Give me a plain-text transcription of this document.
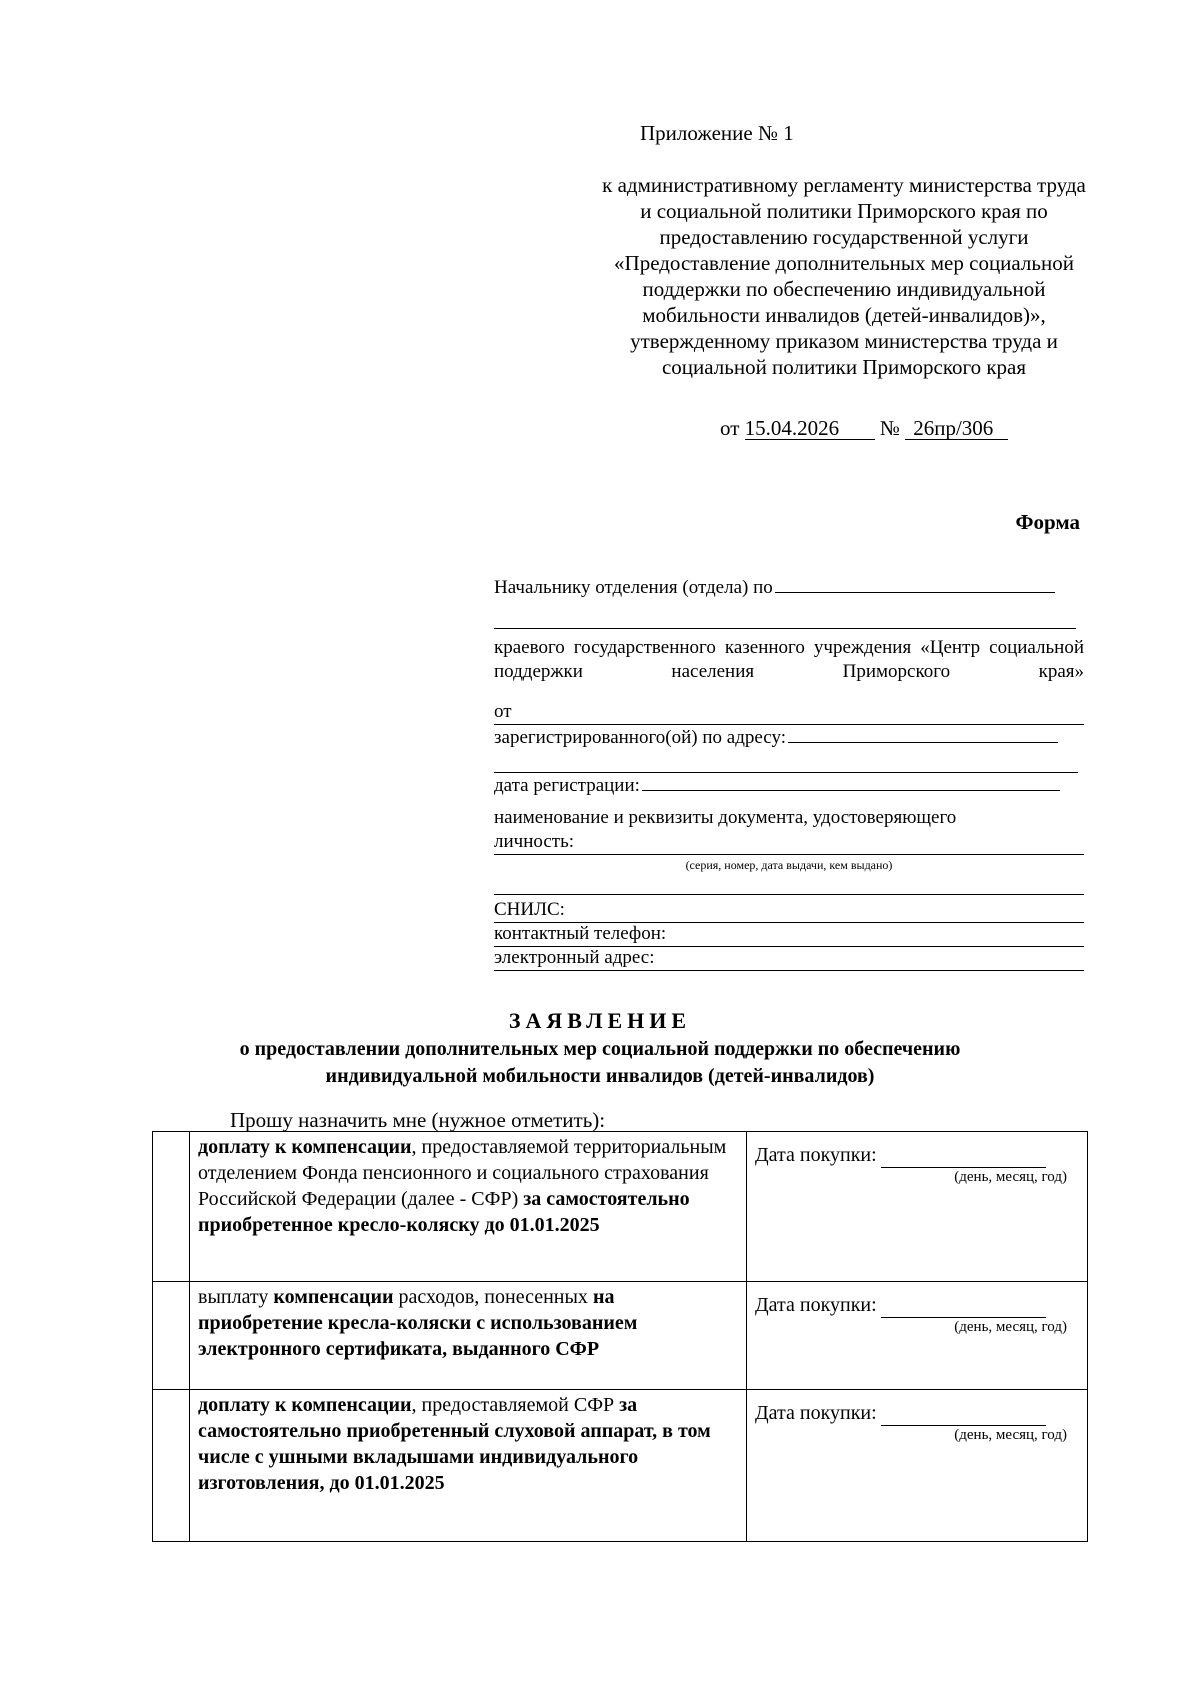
Приложение № 1
к административному регламенту министерства труда и социальной политики Приморского края по предоставлению государственной услуги «Предоставление дополнительных мер социальной поддержки по обеспечению индивидуальной мобильности инвалидов (детей-инвалидов)», утвержденному приказом министерства труда и социальной политики Приморского края
от 15.04.2026 № 26пр/306
Форма
Начальнику отделения (отдела) по
краевого государственного казенного учреждения «Центр социальной поддержки населения Приморского края»
от
зарегистрированного(ой) по адресу:
дата регистрации:
наименование и реквизиты документа, удостоверяющего
личность:
(серия, номер, дата выдачи, кем выдано)
СНИЛС:
контактный телефон:
электронный адрес:
ЗАЯВЛЕНИЕ
о предоставлении дополнительных мер социальной поддержки по обеспечению
индивидуальной мобильности инвалидов (детей-инвалидов)
Прошу назначить мне (нужное отметить):
	доплату к компенсации, предоставляемой территориальным отделением Фонда пенсионного и социального страхования Российской Федерации (далее - СФР) за самостоятельно приобретенное кресло-коляску до 01.01.2025	Дата покупки:
(день, месяц, год)

	выплату компенсации расходов, понесенных на приобретение кресла-коляски с использованием электронного сертификата, выданного СФР	Дата покупки:
(день, месяц, год)

	доплату к компенсации, предоставляемой СФР за самостоятельно приобретенный слуховой аппарат, в том числе с ушными вкладышами индивидуального изготовления, до 01.01.2025	Дата покупки:
(день, месяц, год)
